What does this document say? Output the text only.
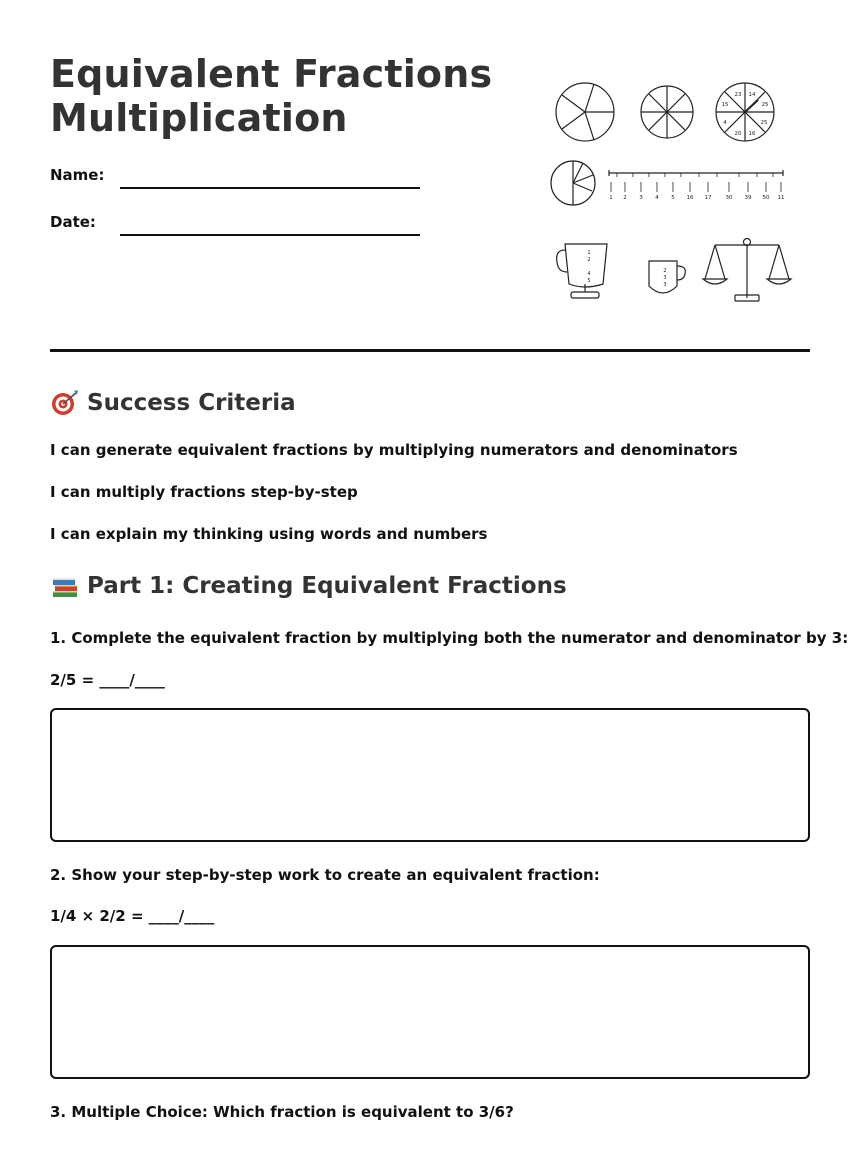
Equivalent Fractions
Multiplication
Name:
Date:
23 14
25
25
16
20
4
15
1 2 3 4 5 16 17	30 39 50 11
1
2
4
5
2
3
3
Success Criteria

I can generate equivalent fractions by multiplying numerators and denominators

I can multiply fractions step-by-step

I can explain my thinking using words and numbers

Part 1: Creating Equivalent Fractions

1. Complete the equivalent fraction by multiplying both the numerator and denominator by 3:

2/5 = ____/____

2. Show your step-by-step work to create an equivalent fraction:

1/4 × 2/2 = ____/____

3. Multiple Choice: Which fraction is equivalent to 3/6?
